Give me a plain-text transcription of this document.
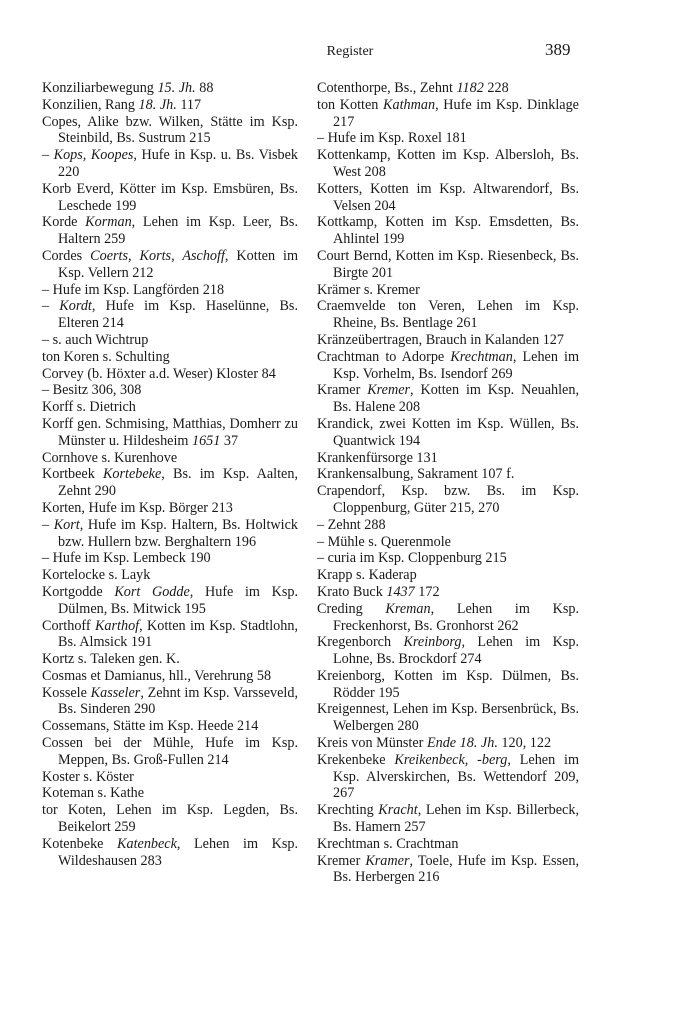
Register	389
Konziliarbewegung 15. Jh. 88
Konzilien, Rang 18. Jh. 117
Copes, Alike bzw. Wilken, Stätte im Ksp. Steinbild, Bs. Sustrum 215
– Kops, Koopes, Hufe in Ksp. u. Bs. Visbek 220
Korb Everd, Kötter im Ksp. Emsbüren, Bs. Leschede 199
Korde Korman, Lehen im Ksp. Leer, Bs. Haltern 259
Cordes Coerts, Korts, Aschoff, Kotten im Ksp. Vellern 212
– Hufe im Ksp. Langförden 218
– Kordt, Hufe im Ksp. Haselünne, Bs. Elteren 214
– s. auch Wichtrup
ton Koren s. Schulting
Corvey (b. Höxter a.d. Weser) Kloster 84
– Besitz 306, 308
Korff s. Dietrich
Korff gen. Schmising, Matthias, Domherr zu Münster u. Hildesheim 1651 37
Cornhove s. Kurenhove
Kortbeek Kortebeke, Bs. im Ksp. Aalten, Zehnt 290
Korten, Hufe im Ksp. Börger 213
– Kort, Hufe im Ksp. Haltern, Bs. Holtwick bzw. Hullern bzw. Berghaltern 196
– Hufe im Ksp. Lembeck 190
Kortelocke s. Layk
Kortgodde Kort Godde, Hufe im Ksp. Dülmen, Bs. Mitwick 195
Corthoff Karthof, Kotten im Ksp. Stadtlohn, Bs. Almsick 191
Kortz s. Taleken gen. K.
Cosmas et Damianus, hll., Verehrung 58
Kossele Kasseler, Zehnt im Ksp. Varsseveld, Bs. Sinderen 290
Cossemans, Stätte im Ksp. Heede 214
Cossen bei der Mühle, Hufe im Ksp. Meppen, Bs. Groß-Fullen 214
Koster s. Köster
Koteman s. Kathe
tor Koten, Lehen im Ksp. Legden, Bs. Beikelort 259
Kotenbeke Katenbeck, Lehen im Ksp. Wildeshausen 283
Cotenthorpe, Bs., Zehnt 1182 228
ton Kotten Kathman, Hufe im Ksp. Dinklage 217
– Hufe im Ksp. Roxel 181
Kottenkamp, Kotten im Ksp. Albersloh, Bs. West 208
Kotters, Kotten im Ksp. Altwarendorf, Bs. Velsen 204
Kottkamp, Kotten im Ksp. Emsdetten, Bs. Ahlintel 199
Court Bernd, Kotten im Ksp. Riesenbeck, Bs. Birgte 201
Krämer s. Kremer
Craemvelde ton Veren, Lehen im Ksp. Rheine, Bs. Bentlage 261
Kränzeübertragen, Brauch in Kalanden 127
Crachtman to Adorpe Krechtman, Lehen im Ksp. Vorhelm, Bs. Isendorf 269
Kramer Kremer, Kotten im Ksp. Neuahlen, Bs. Halene 208
Krandick, zwei Kotten im Ksp. Wüllen, Bs. Quantwick 194
Krankenfürsorge 131
Krankensalbung, Sakrament 107 f.
Crapendorf, Ksp. bzw. Bs. im Ksp. Cloppenburg, Güter 215, 270
– Zehnt 288
– Mühle s. Querenmole
– curia im Ksp. Cloppenburg 215
Krapp s. Kaderap
Krato Buck 1437 172
Creding Kreman, Lehen im Ksp. Freckenhorst, Bs. Gronhorst 262
Kregenborch Kreinborg, Lehen im Ksp. Lohne, Bs. Brockdorf 274
Kreienborg, Kotten im Ksp. Dülmen, Bs. Rödder 195
Kreigennest, Lehen im Ksp. Bersenbrück, Bs. Welbergen 280
Kreis von Münster Ende 18. Jh. 120, 122
Krekenbeke Kreikenbeck, -berg, Lehen im Ksp. Alverskirchen, Bs. Wettendorf 209, 267
Krechting Kracht, Lehen im Ksp. Billerbeck, Bs. Hamern 257
Krechtman s. Crachtman
Kremer Kramer, Toele, Hufe im Ksp. Essen, Bs. Herbergen 216
